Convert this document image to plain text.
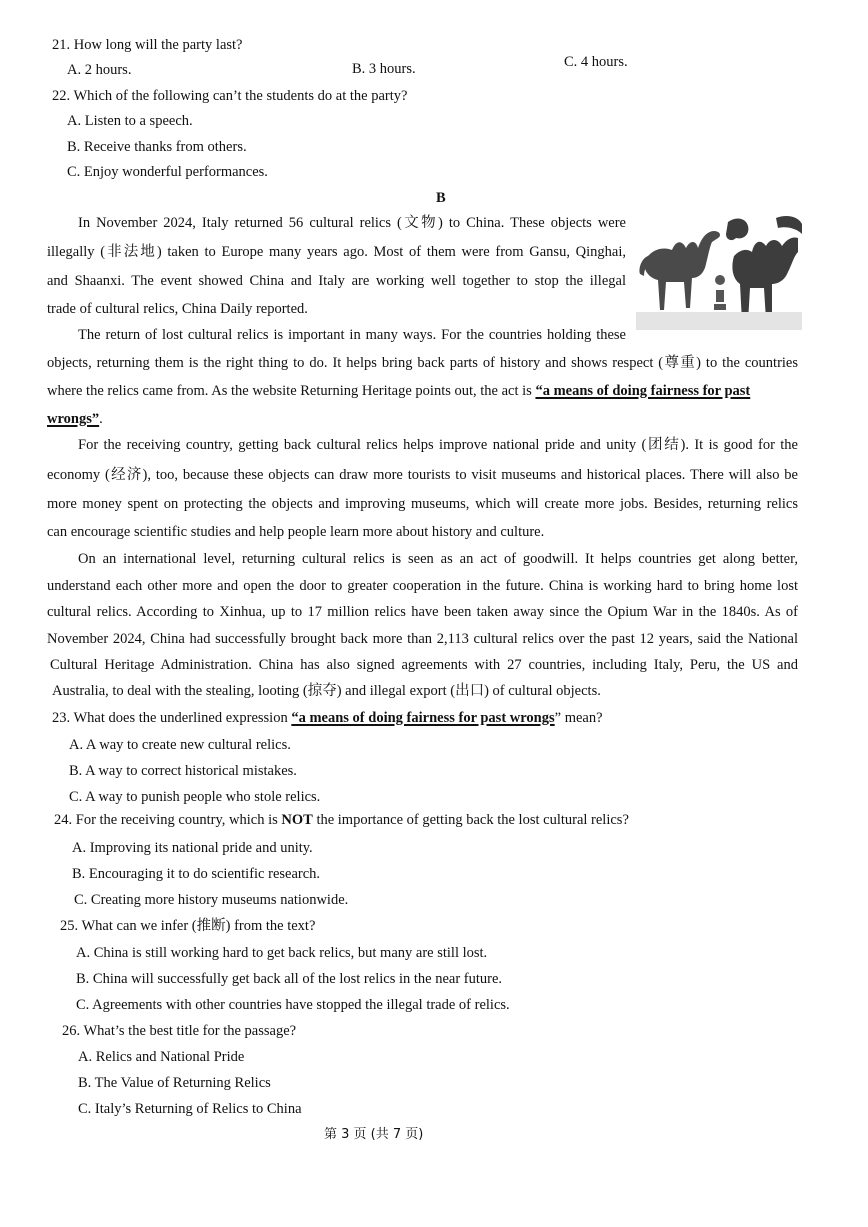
21. How long will the party last?
A. 2 hours.	B. 3 hours.	C. 4 hours.
22. Which of the following can’t the students do at the party?
A. Listen to a speech.
B. Receive thanks from others.
C. Enjoy wonderful performances.
B
In November 2024, Italy returned 56 cultural relics (文物) to China. These objects were
illegally (非法地) taken to Europe many years ago. Most of them were from Gansu, Qinghai,
and Shaanxi. The event showed China and Italy are working well together to stop the illegal
trade of cultural relics, China Daily reported.
The return of lost cultural relics is important in many ways. For the countries holding these
objects, returning them is the right thing to do. It helps bring back parts of history and shows respect (尊重) to the countries
where the relics came from. As the website Returning Heritage points out, the act is “a means of doing fairness for past
wrongs”.
For the receiving country, getting back cultural relics helps improve national pride and unity (团结). It is good for the
economy (经济), too, because these objects can draw more tourists to visit museums and historical places. There will also be
more money spent on protecting the objects and improving museums, which will create more jobs. Besides, returning relics
can encourage scientific studies and help people learn more about history and culture.
On an international level, returning cultural relics is seen as an act of goodwill. It helps countries get along better,
understand each other more and open the door to greater cooperation in the future. China is working hard to bring home lost
cultural relics. According to Xinhua, up to 17 million relics have been taken away since the Opium War in the 1840s. As of
November 2024, China had successfully brought back more than 2,113 cultural relics over the past 12 years, said the National
Cultural Heritage Administration. China has also signed agreements with 27 countries, including Italy, Peru, the US and
Australia, to deal with the stealing, looting (掠夺) and illegal export (出口) of cultural objects.
23. What does the underlined expression “a means of doing fairness for past wrongs” mean?
A. A way to create new cultural relics.
B. A way to correct historical mistakes.
C. A way to punish people who stole relics.
24. For the receiving country, which is NOT the importance of getting back the lost cultural relics?
A. Improving its national pride and unity.
B. Encouraging it to do scientific research.
C. Creating more history museums nationwide.
25. What can we infer (推断) from the text?
A. China is still working hard to get back relics, but many are still lost.
B. China will successfully get back all of the lost relics in the near future.
C. Agreements with other countries have stopped the illegal trade of relics.
26. What’s the best title for the passage?
A. Relics and National Pride
B. The Value of Returning Relics
C. Italy’s Returning of Relics to China
第 3 页 (共 7 页)
